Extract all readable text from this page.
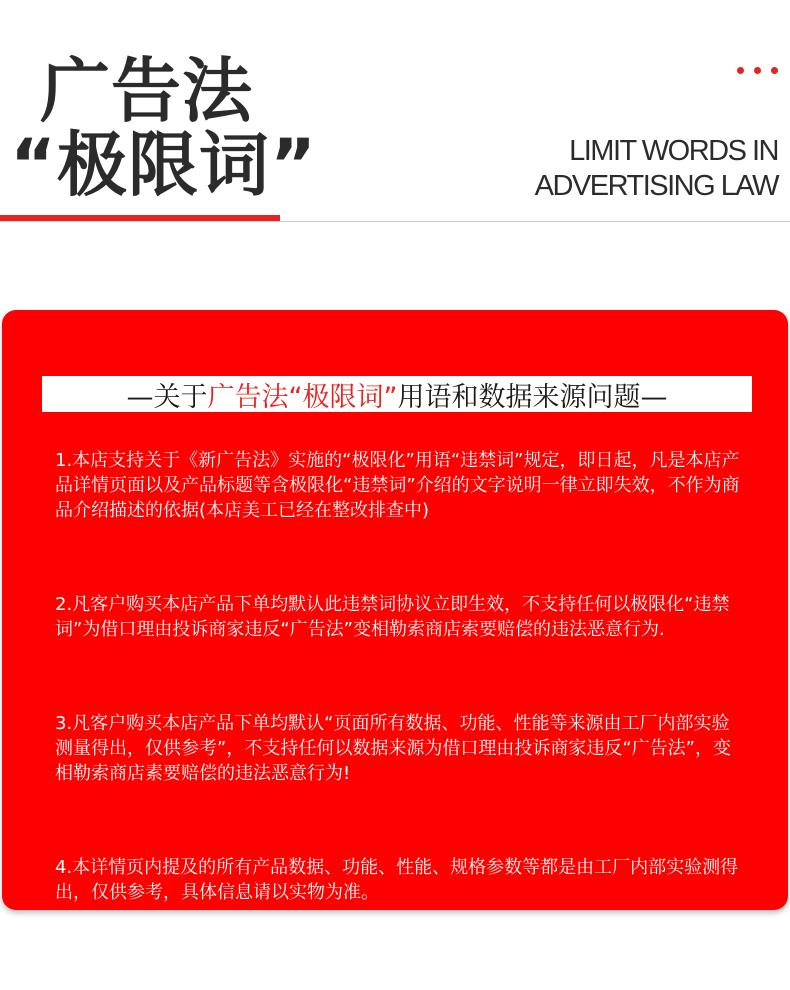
广告法
“极限词”	LIMIT WORDS IN
ADVERTISING LAW
—关于 广告法“极限词” 用语和数据来源问题—

1.本店支持关于《新广告法》实施的“极限化”用语“违禁词”规定，即日起，凡是本店产品详情页面以及产品标题等含极限化“违禁词”介绍的文字说明一律立即失效，不作为商品介绍描述的依据(本店美工已经在整改排查中)

2.凡客户购买本店产品下单均默认此违禁词协议立即生效，不支持任何以极限化“违禁词”为借口理由投诉商家违反“广告法”变相勒索商店索要赔偿的违法恶意行为.

3.凡客户购买本店产品下单均默认“页面所有数据、功能、性能等来源由工厂内部实验测量得出，仅供参考”，不支持任何以数据来源为借口理由投诉商家违反“广告法”，变相勒索商店素要赔偿的违法恶意行为!

4.本详情页内提及的所有产品数据、功能、性能、规格参数等都是由工厂内部实验测得出，仅供参考，具体信息请以实物为准。
